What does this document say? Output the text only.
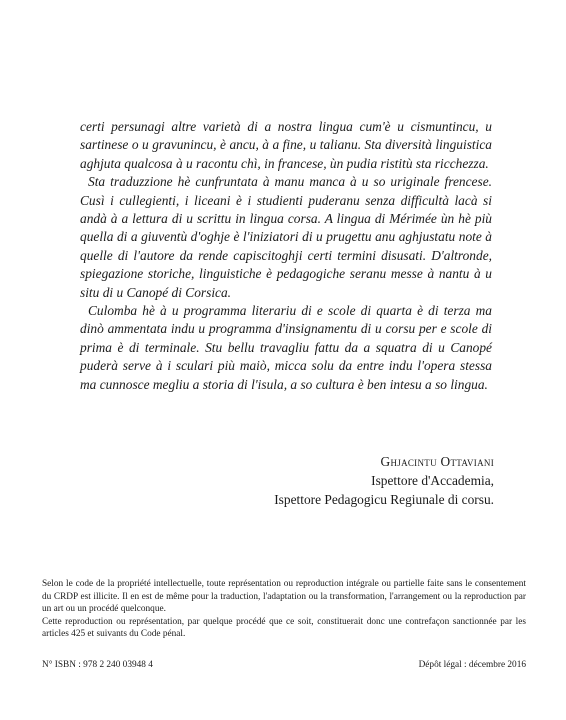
certi persunagi altre varietà di a nostra lingua cum'è u cismuntincu, u sartinese o u gravunincu, è ancu, à a fine, u talianu. Sta diversità linguistica aghjuta qualcosa à u racontu chì, in francese, ùn pudia ristitù sta ricchezza.

Sta traduzzione hè cunfruntata à manu manca à u so uriginale frencese. Cusì i cullegienti, i liceani è i studienti puderanu senza difficultà lacà si andà à a lettura di u scrittu in lingua corsa. A lingua di Mérimée ùn hè più quella di a giuventù d'oghje è l'iniziatori di u prugettu anu aghjustatu note à quelle di l'autore da rende capiscitoghji certi termini disusati. D'altronde, spiegazione storiche, linguistiche è pedagogiche seranu messe à nantu à u situ di u Canopé di Corsica.

Culomba hè à u programma literariu di e scole di quarta è di terza ma dinò ammentata indu u programma d'insignamentu di u corsu per e scole di prima è di terminale. Stu bellu travagliu fattu da a squatra di u Canopé puderà serve à i sculari più maiò, micca solu da entre indu l'opera stessa ma cunnosce megliu a storia di l'isula, a so cultura è ben intesu a so lingua.

Ghjacintu Ottaviani
Ispettore d'Accademia,
Ispettore Pedagogicu Regiunale di corsu.

Selon le code de la propriété intellectuelle, toute représentation ou reproduction intégrale ou partielle faite sans le consentement du CRDP est illicite. Il en est de même pour la traduction, l'adaptation ou la transformation, l'arrangement ou la reproduction par un art ou un procédé quelconque.

Cette reproduction ou représentation, par quelque procédé que ce soit, constituerait donc une contrefaçon sanctionnée par les articles 425 et suivants du Code pénal.

N° ISBN : 978 2 240 03948 4	Dépôt légal : décembre 2016
